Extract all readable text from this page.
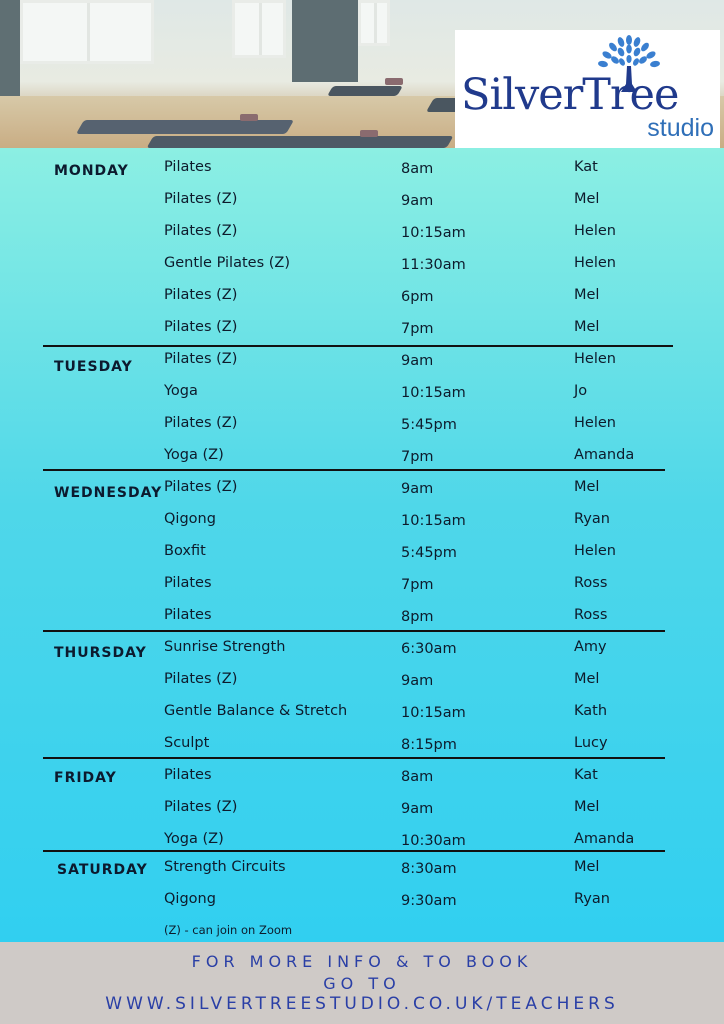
SilverTree
studio
MONDAY Pilates	8am	Kat
Pilates (Z)	9am	Mel
Pilates (Z)	10:15am	Helen
Gentle Pilates (Z)	11:30am	Helen
Pilates (Z)	6pm	Mel
Pilates (Z)	7pm	Mel
TUESDAY Pilates (Z)	9am	Helen
Yoga	10:15am	Jo
Pilates (Z)	5:45pm	Helen
Yoga (Z)	7pm	Amanda
WEDNESDAY Pilates (Z)	9am	Mel
Qigong	10:15am	Ryan
Boxfit	5:45pm	Helen
Pilates	7pm	Ross
Pilates	8pm	Ross
THURSDAY Sunrise Strength	6:30am	Amy
Pilates (Z)	9am	Mel
Gentle Balance & Stretch	10:15am	Kath
Sculpt	8:15pm	Lucy
FRIDAY	Pilates	8am	Kat
Pilates (Z)	9am	Mel
Yoga (Z)	10:30am	Amanda
SATURDAY Strength Circuits	8:30am	Mel
Qigong	9:30am	Ryan
(Z) - can join on Zoom
FOR MORE INFO & TO BOOK
GO TO
WWW.SILVERTREESTUDIO.CO.UK/TEACHERS
